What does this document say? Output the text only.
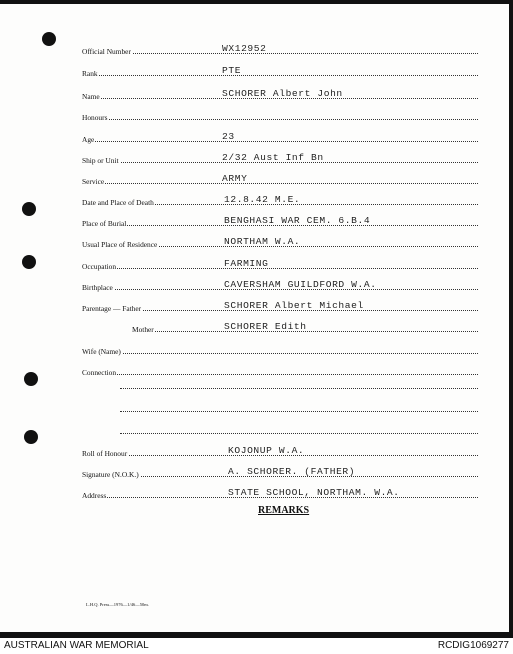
Official Number	WX12952
Rank	PTE
Name	SCHORER Albert John
Honours
Age	23
Ship or Unit	2/32 Aust Inf Bn
Service	ARMY
Date and Place of Death	12.8.42 M.E.
Place of Burial	BENGHASI WAR CEM. 6.B.4
Usual Place of Residence	NORTHAM W.A.
Occupation	FARMING
Birthplace	CAVERSHAM GUILDFORD W.A.
Parentage — Father	SCHORER Albert Michael
Mother	SCHORER Edith
Wife (Name)
Connection
Roll of Honour	KOJONUP W.A.
Signature (N.O.K.)	A. SCHORER. (FATHER)
Address	STATE SCHOOL, NORTHAM. W.A.
REMARKS
L.H.Q. Press—1976—1/46—50m.
AUSTRALIAN WAR MEMORIAL	RCDIG1069277
